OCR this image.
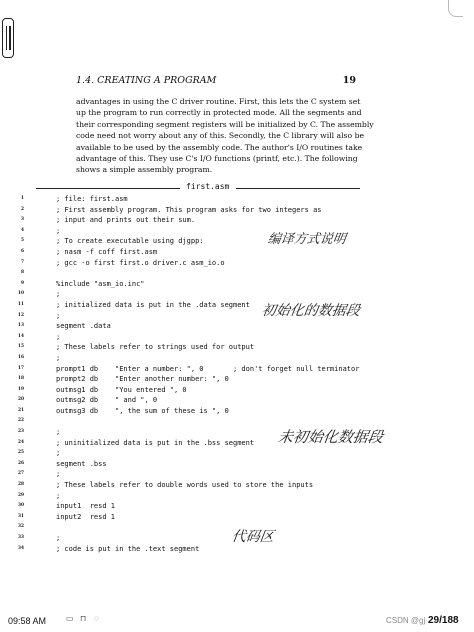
1.4. CREATING A PROGRAM	19

advantages in using the C driver routine. First, this lets the C system set

up the program to run correctly in protected mode. All the segments and

their corresponding segment registers will be initialized by C. The assembly

code need not worry about any of this. Secondly, the C library will also be

available to be used by the assembly code. The author's I/O routines take

advantage of this. They use C's I/O functions (printf, etc.). The following

shows a simple assembly program.

first.asm
1	; file: first.asm
2	; First assembly program. This program asks for two integers as
3	; input and prints out their sum.
4	;
5	; To create executable using djgpp:
6	; nasm -f coff first.asm
7	; gcc -o first first.o driver.c asm_io.o
8
9	%include "asm_io.inc"
10	;
11	; initialized data is put in the .data segment
12	;
13	segment .data
14	;
15	; These labels refer to strings used for output
16	;
17	prompt1 db    "Enter a number: ", 0       ; don't forget null terminator
18	prompt2 db    "Enter another number: ", 0
19	outmsg1 db    "You entered ", 0
20	outmsg2 db    " and ", 0
21	outmsg3 db    ", the sum of these is ", 0
22
23	;
24	; uninitialized data is put in the .bss segment
25	;
26	segment .bss
27	;
28	; These labels refer to double words used to store the inputs
29	;
30	input1  resd 1
31	input2  resd 1
32
33	;
34	; code is put in the .text segment
编译方式说明
初始化的数据段
未初始化数据段
代码区
09:58 AM ▭ ⊓ ◌	CSDN @gj 29/188
